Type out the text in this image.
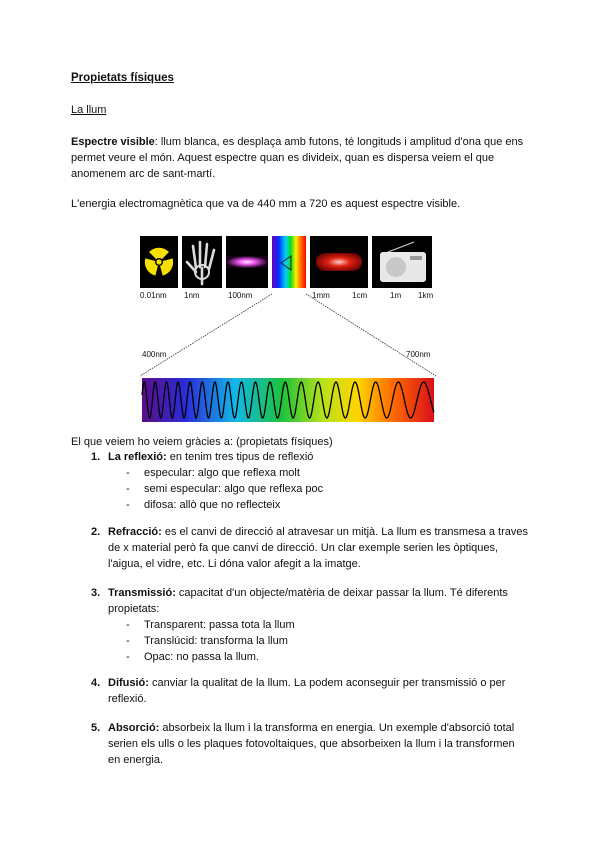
Propietats físiques
La llum
Espectre visible: llum blanca, es desplaça amb futons, té longituds i amplitud d'ona que ens permet veure el món. Aquest espectre quan es divideix, quan es dispersa veiem el que anomenem arc de sant-martí.
L'energia electromagnètica que va de 440 mm a 720 es aquest espectre visible.
0.01nm 1nm	100nm	1mm	1cm	1m 1km
400nm	700nm
El que veiem ho veiem gràcies a: (propietats físiques)
1. La reflexió: en tenim tres tipus de reflexió
- especular: algo que reflexa molt
- semi especular: algo que reflexa poc
- difosa: allò que no reflecteix
2. Refracció: es el canvi de direcció al atravesar un mitjà. La llum es transmesa a traves de x material però fa que canvi de direcció. Un clar exemple serien les òptiques, l'aigua, el vidre, etc. Li dóna valor afegit a la imatge.
3. Transmissió: capacitat d'un objecte/matèria de deixar passar la llum. Té diferents propietats:
- Transparent: passa tota la llum
- Translúcid: transforma la llum
- Opac: no passa la llum.
4. Difusió: canviar la qualitat de la llum. La podem aconseguir per transmissió o per reflexió.
5. Absorció: absorbeix la llum i la transforma en energia. Un exemple d'absorció total serien els ulls o les plaques fotovoltaiques, que absorbeixen la llum i la transformen en energia.
